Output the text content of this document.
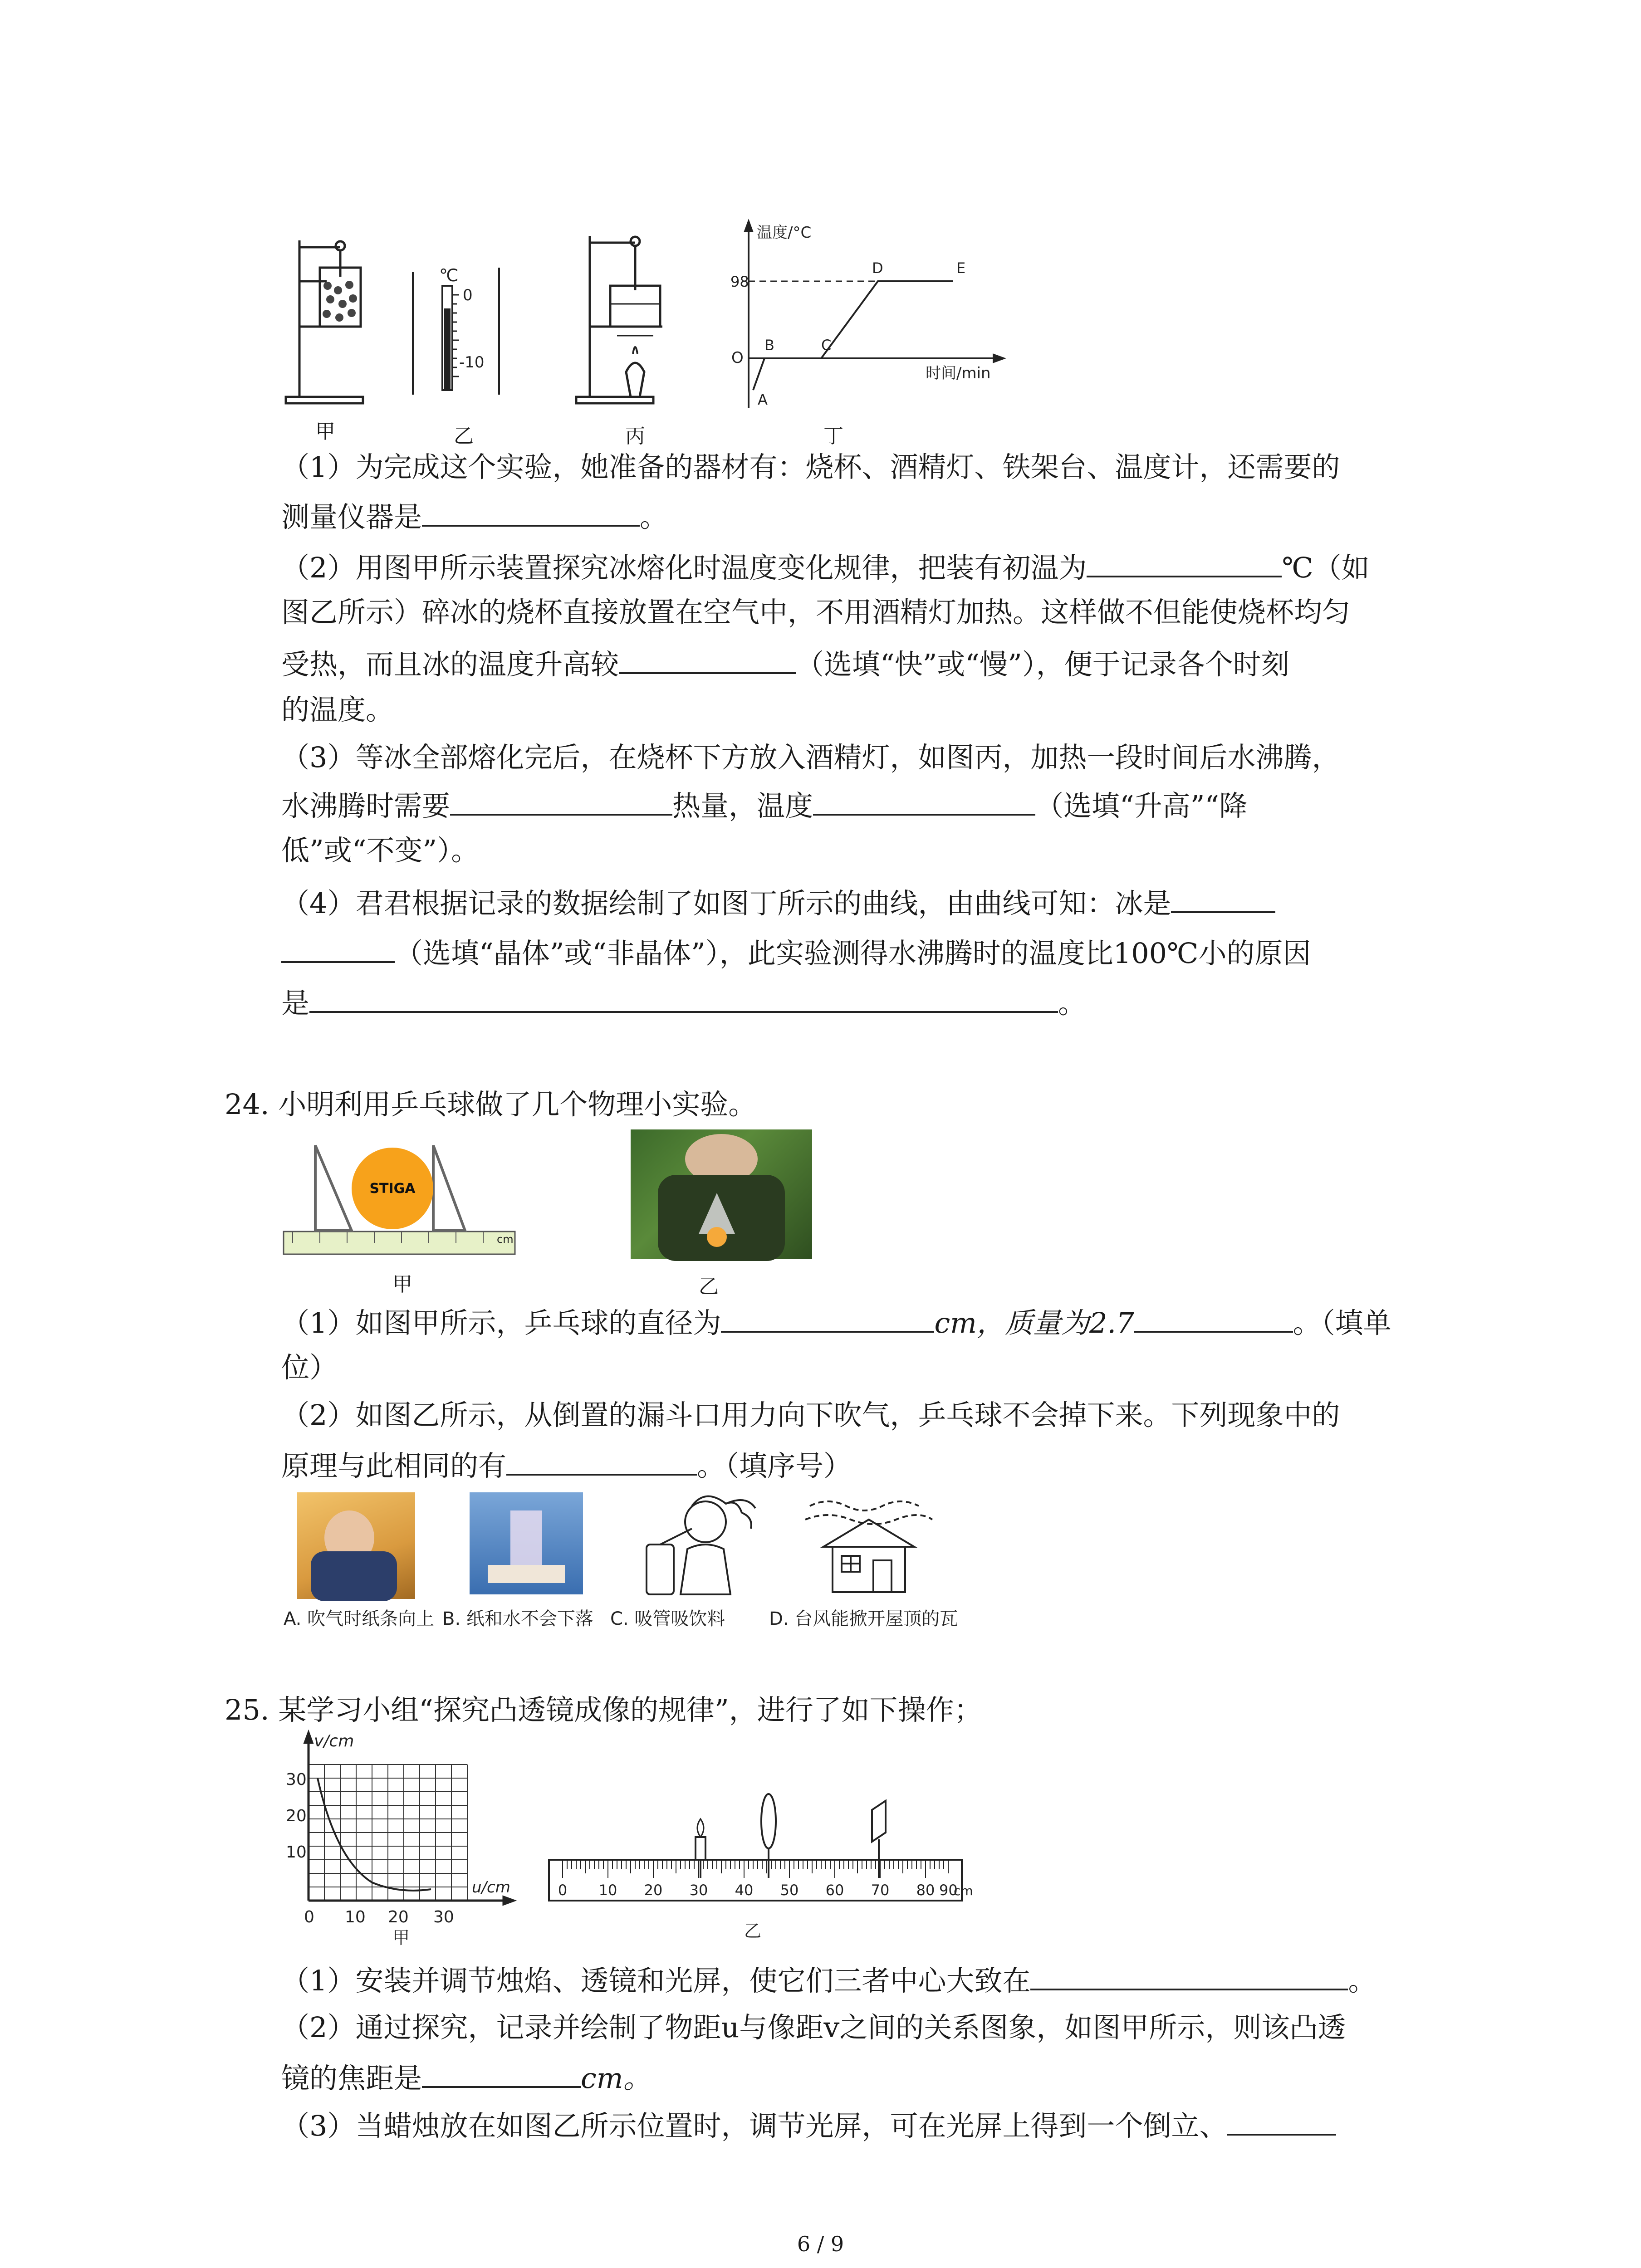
℃
0
-10
温度/°C
98
O
A
B	C
D	E
时间/min
甲	乙	丙	丁
（1）为完成这个实验，她准备的器材有：烧杯、酒精灯、铁架台、温度计，还需要的
测量仪器是	。
（2）用图甲所示装置探究冰熔化时温度变化规律，把装有初温为	℃（如
图乙所示）碎冰的烧杯直接放置在空气中，不用酒精灯加热。这样做不但能使烧杯均匀
受热，而且冰的温度升高较	（选填“快”或“慢”），便于记录各个时刻
的温度。
（3）等冰全部熔化完后，在烧杯下方放入酒精灯，如图丙，加热一段时间后水沸腾，
水沸腾时需要	热量，温度	（选填“升高”“降
低”或“不变”）。
（4）君君根据记录的数据绘制了如图丁所示的曲线，由曲线可知：冰是
（选填“晶体”或“非晶体”），此实验测得水沸腾时的温度比100℃小的原因
是	。
24. 小明利用乒乓球做了几个物理小实验。
STIGA
cm
甲	乙
（1）如图甲所示，乒乓球的直径为	cm，质量为2.7	。（填单
位）
（2）如图乙所示，从倒置的漏斗口用力向下吹气，乒乓球不会掉下来。下列现象中的
原理与此相同的有	。（填序号）
A. 吹气时纸条向上 B. 纸和水不会下落 C. 吸管吸饮料 D. 台风能掀开屋顶的瓦
25. 某学习小组“探究凸透镜成像的规律”，进行了如下操作；
v/cm
30
20
10
0 10 20 30
u/cm
甲
0 10 20 30 40 50 60 70 80 90
cm
乙
（1）安装并调节烛焰、透镜和光屏，使它们三者中心大致在	。
（2）通过探究，记录并绘制了物距u与像距v之间的关系图象，如图甲所示，则该凸透
镜的焦距是	cm。
（3）当蜡烛放在如图乙所示位置时，调节光屏，可在光屏上得到一个倒立、
6 / 9
